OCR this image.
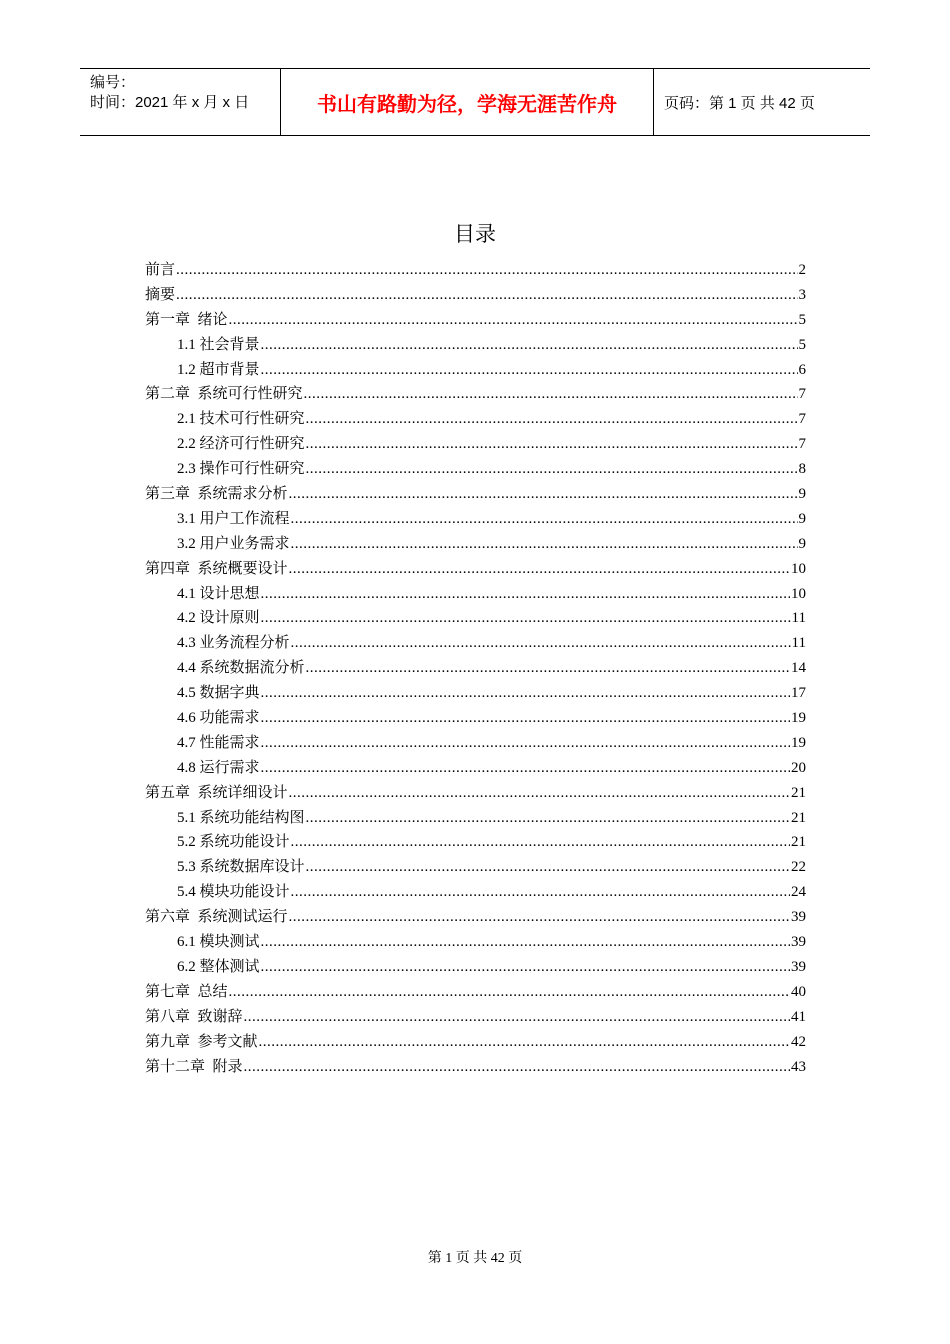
编号：
时间：2021 年 x 月 x 日	书山有路勤为径，学海无涯苦作舟	页码：第 1 页 共 42 页
目录
前言 .....	2
摘要 .....	3
第一章  绪论 .....	5
1.1 社会背景 .....	5
1.2 超市背景 .....	6
第二章  系统可行性研究 .....	7
2.1 技术可行性研究 .....	7
2.2 经济可行性研究 .....	7
2.3 操作可行性研究 .....	8
第三章  系统需求分析 .....	9
3.1 用户工作流程 .....	9
3.2 用户业务需求 .....	9
第四章  系统概要设计 .....	10
4.1 设计思想 .....	10
4.2 设计原则 .....	11
4.3 业务流程分析 .....	11
4.4 系统数据流分析 .....	14
4.5 数据字典 .....	17
4.6 功能需求 .....	19
4.7 性能需求 .....	19
4.8 运行需求 .....	20
第五章  系统详细设计 .....	21
5.1 系统功能结构图 .....	21
5.2 系统功能设计 .....	21
5.3 系统数据库设计 .....	22
5.4 模块功能设计 .....	24
第六章  系统测试运行 .....	39
6.1 模块测试 .....	39
6.2 整体测试 .....	39
第七章  总结 .....	40
第八章  致谢辞 .....	41
第九章  参考文献 .....	42
第十二章  附录 .....	43
第 1 页 共 42 页
